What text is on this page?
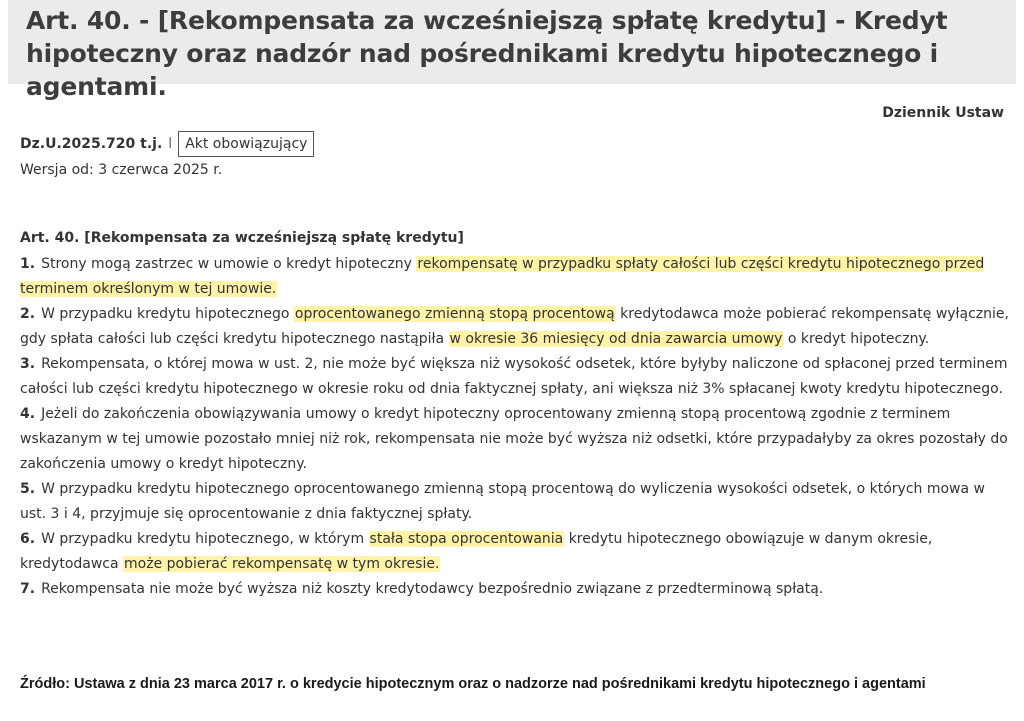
Art. 40. - [Rekompensata za wcześniejszą spłatę kredytu] - Kredyt hipoteczny oraz nadzór nad pośrednikami kredytu hipotecznego i agentami.
Dziennik Ustaw
Dz.U.2025.720 t.j. l Akt obowiązujący
Wersja od: 3 czerwca 2025 r.
Art. 40. [Rekompensata za wcześniejszą spłatę kredytu]
1. Strony mogą zastrzec w umowie o kredyt hipoteczny rekompensatę w przypadku spłaty całości lub części kredytu hipotecznego przed terminem określonym w tej umowie.
2. W przypadku kredytu hipotecznego oprocentowanego zmienną stopą procentową kredytodawca może pobierać rekompensatę wyłącznie, gdy spłata całości lub części kredytu hipotecznego nastąpiła w okresie 36 miesięcy od dnia zawarcia umowy o kredyt hipoteczny.
3. Rekompensata, o której mowa w ust. 2, nie może być większa niż wysokość odsetek, które byłyby naliczone od spłaconej przed terminem całości lub części kredytu hipotecznego w okresie roku od dnia faktycznej spłaty, ani większa niż 3% spłacanej kwoty kredytu hipotecznego.
4. Jeżeli do zakończenia obowiązywania umowy o kredyt hipoteczny oprocentowany zmienną stopą procentową zgodnie z terminem wskazanym w tej umowie pozostało mniej niż rok, rekompensata nie może być wyższa niż odsetki, które przypadałyby za okres pozostały do zakończenia umowy o kredyt hipoteczny.
5. W przypadku kredytu hipotecznego oprocentowanego zmienną stopą procentową do wyliczenia wysokości odsetek, o których mowa w ust. 3 i 4, przyjmuje się oprocentowanie z dnia faktycznej spłaty.
6. W przypadku kredytu hipotecznego, w którym stała stopa oprocentowania kredytu hipotecznego obowiązuje w danym okresie, kredytodawca może pobierać rekompensatę w tym okresie.
7. Rekompensata nie może być wyższa niż koszty kredytodawcy bezpośrednio związane z przedterminową spłatą.
Źródło: Ustawa z dnia 23 marca 2017 r. o kredycie hipotecznym oraz o nadzorze nad pośrednikami kredytu hipotecznego i agentami
